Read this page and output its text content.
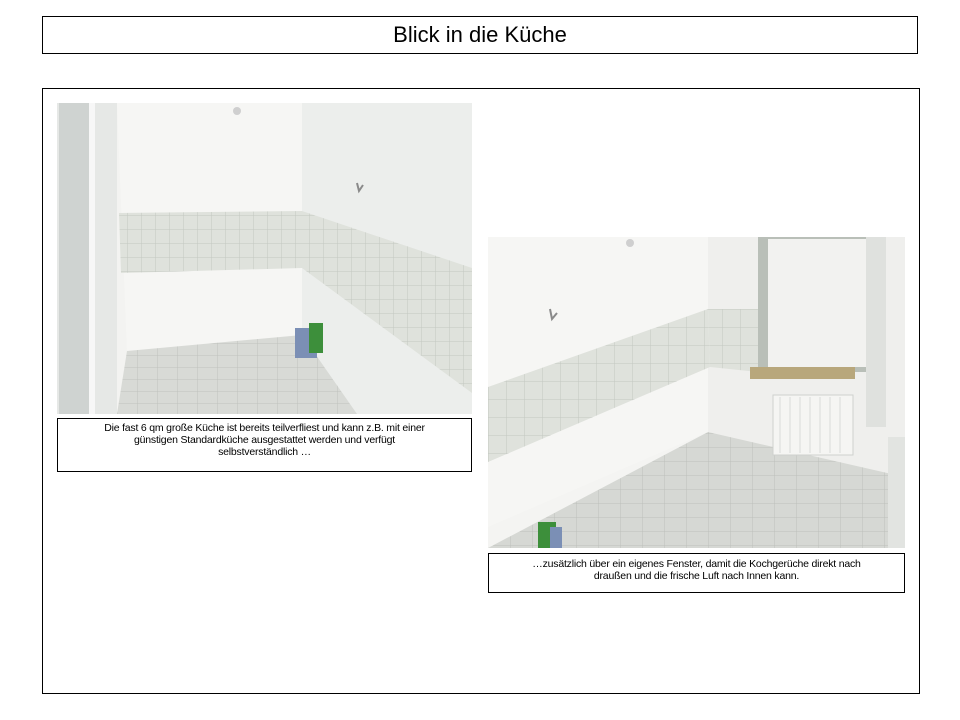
Blick in die Küche
Die fast 6 qm große Küche ist bereits teilverfliest und kann z.B. mit einer
günstigen Standardküche ausgestattet werden und verfügt
selbstverständlich …
…zusätzlich über ein eigenes Fenster, damit die Kochgerüche direkt nach
draußen und die frische Luft nach Innen kann.
